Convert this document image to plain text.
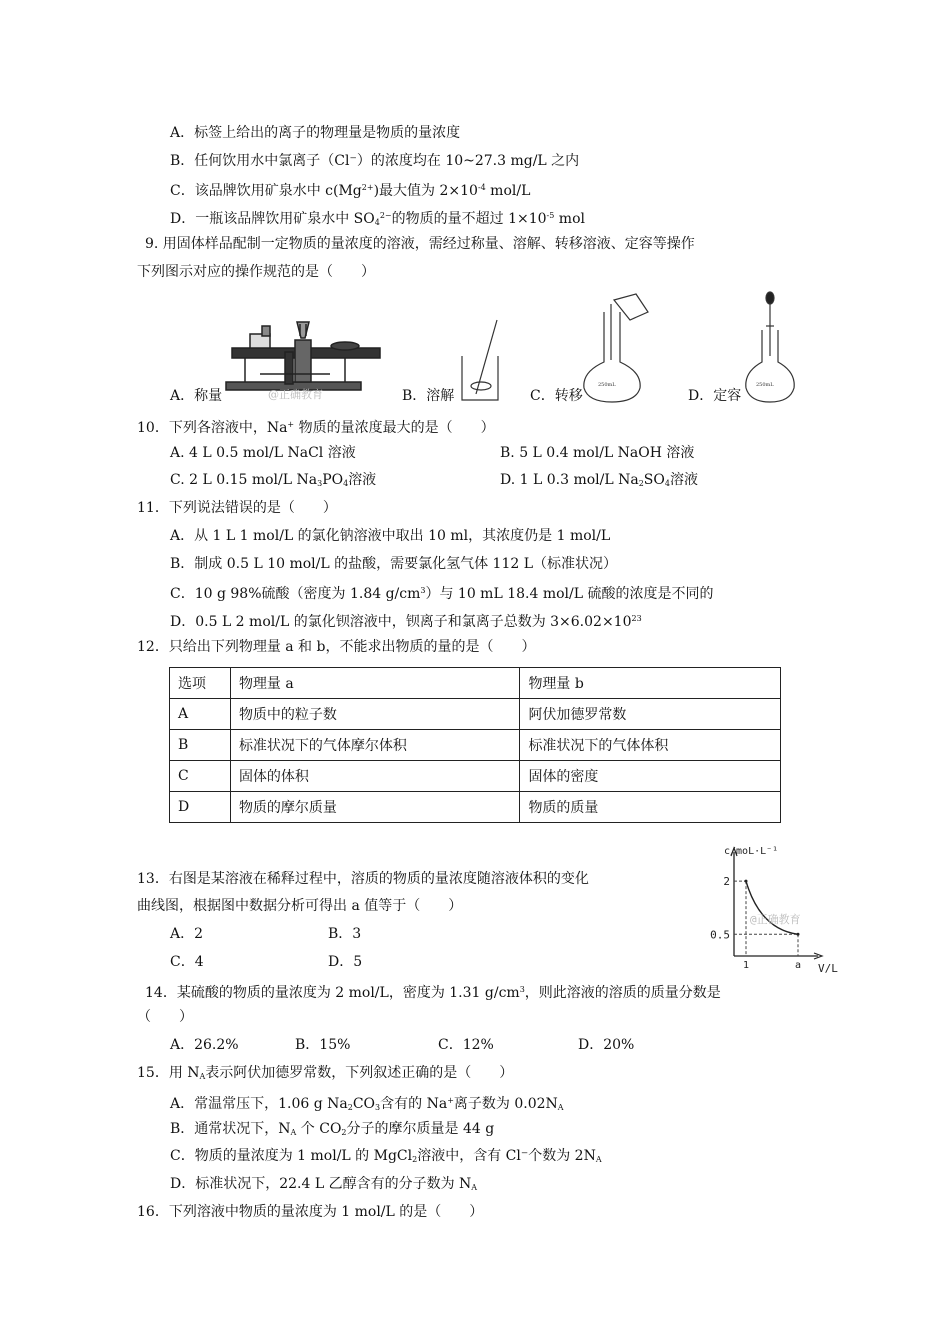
A．标签上给出的离子的物理量是物质的量浓度
B．任何饮用水中氯离子（Cl⁻）的浓度均在 10~27.3 mg/L 之内
C．该品牌饮用矿泉水中 $c(Mg^{2+})$最大值为 $2\times 10^{-4}$ mol/L
D．一瓶该品牌饮用矿泉水中 $SO_4^{2-}$的物质的量不超过 $1\times 10^{-5}$ mol
9. 用固体样品配制一定物质的量浓度的溶液，需经过称量、溶解、转移溶液、定容等操作
下列图示对应的操作规范的是（　　）
@正确教育
250mL	250mL
A．称量	B．溶解	C．转移	D．定容
10．下列各溶液中，Na+ 物质的量浓度最大的是（　　）
A. 4 L 0.5 mol/L NaCl 溶液	B. 5 L 0.4 mol/L NaOH 溶液
C. 2 L 0.15 mol/L $Na_3PO_4$溶液	D. 1 L 0.3 mol/L $Na_2SO_4$溶液
11．下列说法错误的是（　　）
A．从 1 L 1 mol/L 的氯化钠溶液中取出 10 ml，其浓度仍是 1 mol/L
B．制成 0.5 L 10 mol/L 的盐酸，需要氯化氢气体 112 L（标准状况）
C．10 g 98%硫酸（密度为 1.84 $g/cm^3$）与 10 mL 18.4 mol/L 硫酸的浓度是不同的
D．0.5 L 2 mol/L 的氯化钡溶液中，钡离子和氯离子总数为 $3\times 6.02\times 10^{23}$
12．只给出下列物理量 a 和 b，不能求出物质的量的是（　　）
选项	物理量 a	物理量 b
A	物质中的粒子数	阿伏加德罗常数
B	标准状况下的气体摩尔体积	标准状况下的气体体积
C	固体的体积	固体的密度
D	物质的摩尔质量	物质的质量
13．右图是某溶液在稀释过程中，溶质的物质的量浓度随溶液体积的变化
曲线图，根据图中数据分析可得出 a 值等于（　　）
A．2	B．3
C．4	D．5
c/moL·L⁻¹
V/L
2
0.5
1	a
@正确教育
14．某硫酸的物质的量浓度为 2 mol/L，密度为 1.31 $g/cm^3$，则此溶液的溶质的质量分数是
（　　）
A．26.2%	B．15%	C．12%	D．20%
15．用 $N_A$表示阿伏加德罗常数，下列叙述正确的是（　　）
A．常温常压下，1.06 g $Na_2CO_3$含有的 Na+离子数为 $0.02N_A$
B．通常状况下，$N_A$ 个 $CO_2$分子的摩尔质量是 44 g
C．物质的量浓度为 1 mol/L 的 MgCl$_2$溶液中，含有 Cl⁻个数为 $2N_A$
D．标准状况下，22.4 L 乙醇含有的分子数为 $N_A$
16．下列溶液中物质的量浓度为 1 mol/L 的是（　　）
